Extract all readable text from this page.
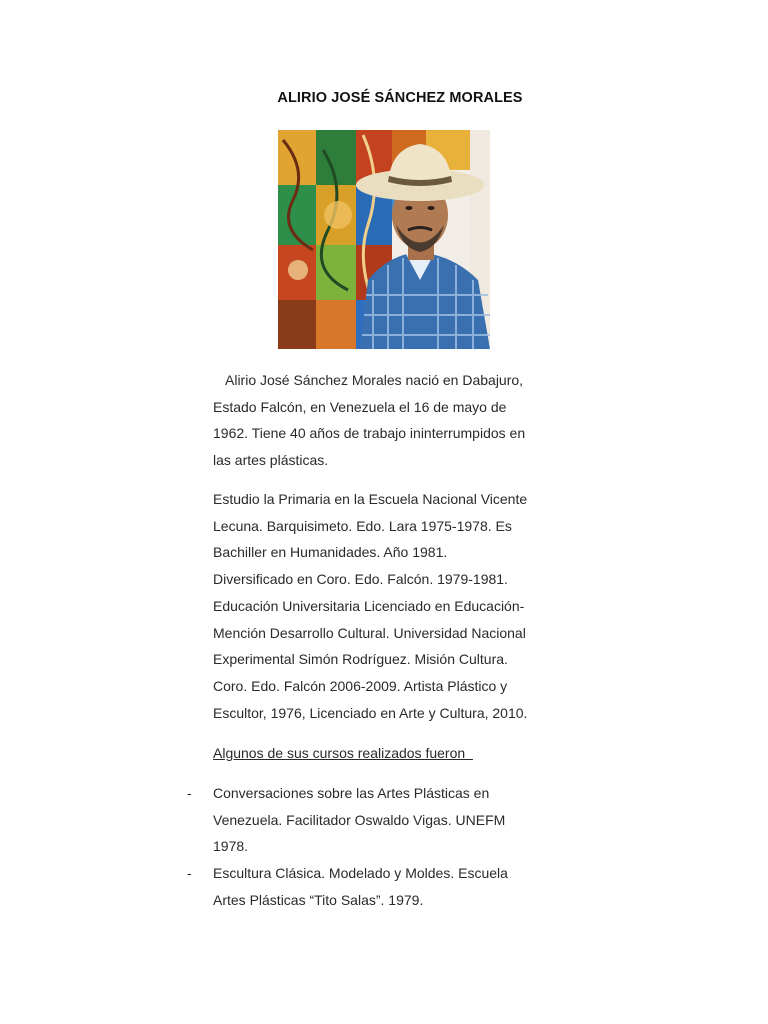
ALIRIO JOSÉ SÁNCHEZ MORALES
Alirio José Sánchez Morales nació en Dabajuro,
Estado Falcón, en Venezuela el 16 de mayo de
1962. Tiene 40 años de trabajo ininterrumpidos en
las artes plásticas.
Estudio la Primaria en la Escuela Nacional Vicente
Lecuna. Barquisimeto. Edo. Lara 1975-1978. Es
Bachiller en Humanidades. Año 1981.
Diversificado en Coro. Edo. Falcón. 1979-1981.
Educación Universitaria Licenciado en Educación-
Mención Desarrollo Cultural. Universidad Nacional
Experimental Simón Rodríguez. Misión Cultura.
Coro. Edo. Falcón 2006-2009. Artista Plástico y
Escultor, 1976, Licenciado en Arte y Cultura, 2010.
Algunos de sus cursos realizados fueron
- Conversaciones sobre las Artes Plásticas en
Venezuela. Facilitador Oswaldo Vigas. UNEFM
1978.
- Escultura Clásica. Modelado y Moldes. Escuela
Artes Plásticas “Tito Salas”. 1979.
